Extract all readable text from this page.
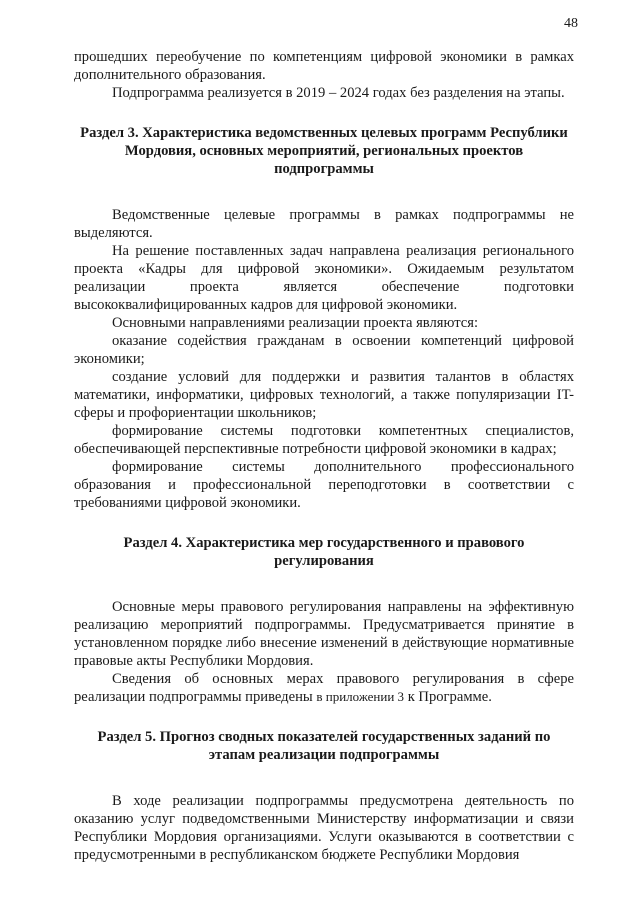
48

прошедших переобучение по компетенциям цифровой экономики в рамках дополнительного образования.

Подпрограмма реализуется в 2019 – 2024 годах без разделения на этапы.

Раздел 3. Характеристика ведомственных целевых программ Республики Мордовия, основных мероприятий, региональных проектов подпрограммы

Ведомственные целевые программы в рамках подпрограммы не выделяются.

На решение поставленных задач направлена реализация регионального проекта «Кадры для цифровой экономики». Ожидаемым результатом реализации проекта является обеспечение подготовки высококвалифицированных кадров для цифровой экономики.

Основными направлениями реализации проекта являются:

оказание содействия гражданам в освоении компетенций цифровой экономики;

создание условий для поддержки и развития талантов в областях математики, информатики, цифровых технологий, а также популяризации IT-сферы и профориентации школьников;

формирование системы подготовки компетентных специалистов, обеспечивающей перспективные потребности цифровой экономики в кадрах;

формирование системы дополнительного профессионального образования и профессиональной переподготовки в соответствии с требованиями цифровой экономики.

Раздел 4. Характеристика мер государственного и правового регулирования

Основные меры правового регулирования направлены на эффективную реализацию мероприятий подпрограммы. Предусматривается принятие в установленном порядке либо внесение изменений в действующие нормативные правовые акты Республики Мордовия.

Сведения об основных мерах правового регулирования в сфере реализации подпрограммы приведены в приложении 3 к Программе.

Раздел 5. Прогноз сводных показателей государственных заданий по этапам реализации подпрограммы

В ходе реализации подпрограммы предусмотрена деятельность по оказанию услуг подведомственными Министерству информатизации и связи Республики Мордовия организациями. Услуги оказываются в соответствии с предусмотренными в республиканском бюджете Республики Мордовия
